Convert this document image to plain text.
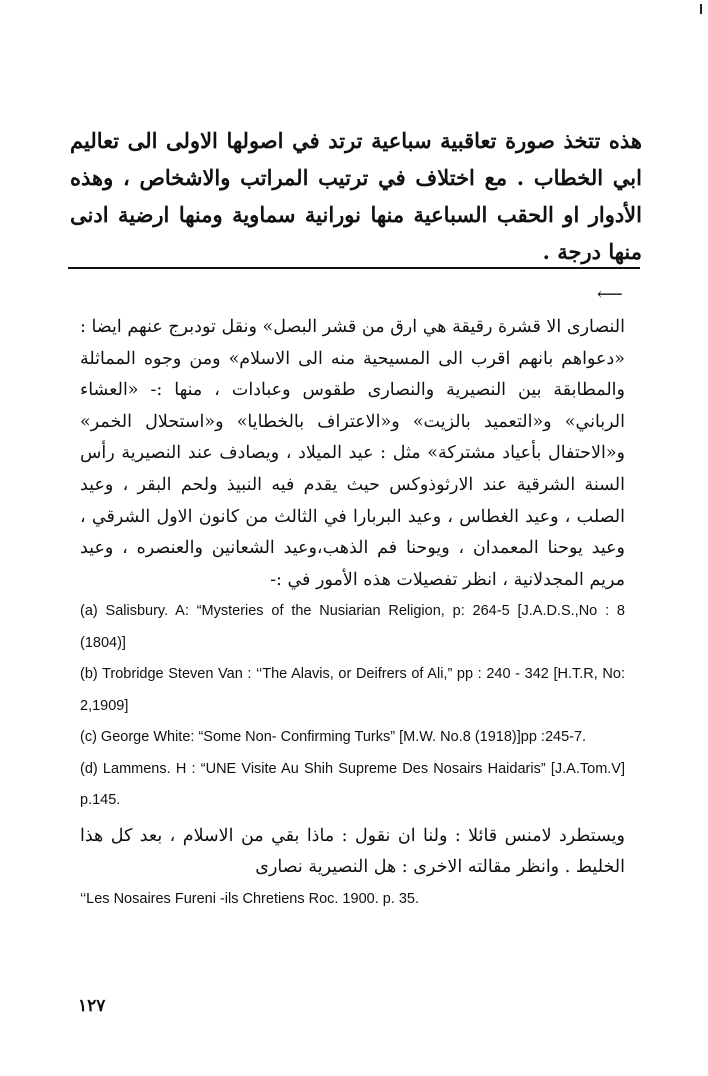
هذه تتخذ صورة تعاقبية سباعية ترتد في اصولها الاولى الى تعاليم ابي الخطاب . مع اختلاف في ترتيب المراتب والاشخاص ، وهذه الأدوار او الحقب السباعية منها نورانية سماوية ومنها ارضية ادنى منها درجة .

⟵

النصارى الا قشرة رقيقة هي ارق من قشر البصل» ونقل تودبرج عنهم ايضا : «دعواهم بانهم اقرب الى المسيحية منه الى الاسلام» ومن وجوه المماثلة والمطابقة بين النصيرية والنصارى طقوس وعبادات ، منها :- «العشاء الرباني» و«التعميد بالزيت» و«الاعتراف بالخطايا» و«استحلال الخمر» و«الاحتفال بأعياد مشتركة» مثل : عيد الميلاد ، ويصادف عند النصيرية رأس السنة الشرقية عند الارثوذوكس حيث يقدم فيه النبيذ ولحم البقر ، وعيد الصلب ، وعيد الغطاس ، وعيد البربارا في الثالث من كانون الاول الشرقي ، وعيد يوحنا المعمدان ، ويوحنا فم الذهب،وعيد الشعانين والعنصره ، وعيد مريم المجدلانية ، انظر تفصيلات هذه الأمور في :-

(a) Salisbury. A: “Mysteries of the Nusiarian Religion, p: 264-5 [J.A.D.S.,No : 8 (1804)]

(b) Trobridge Steven Van : ‘‘The Alavis, or Deifrers of Ali,” pp : 240 - 342 [H.T.R, No: 2,1909]

(c) George White: “Some Non- Confirming Turks” [M.W. No.8 (1918)]pp :245-7.

(d) Lammens. H : “UNE Visite Au Shih Supreme Des Nosairs Haidaris” [J.A.Tom.V] p.145.

ويستطرد لامنس قائلا : ولنا ان نقول : ماذا بقي من الاسلام ، بعد كل هذا الخليط . وانظر مقالته الاخرى : هل النصيرية نصارى

‘‘Les Nosaires Fureni -ils Chretiens Roc. 1900. p. 35.

١٢٧
